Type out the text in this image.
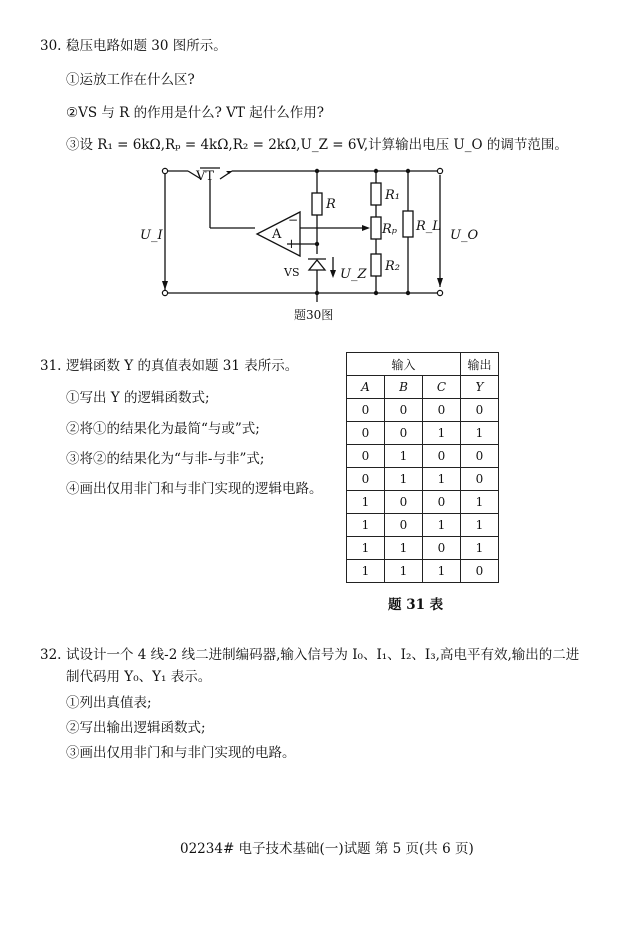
30. 稳压电路如题 30 图所示。
①运放工作在什么区?
②VS 与 R 的作用是什么? VT 起什么作用?
③设 R₁ = 6kΩ,Rₚ = 4kΩ,R₂ = 2kΩ,U_Z = 6V,计算输出电压 U_O 的调节范围。
VT
R
R₁
Rₚ
R₂
R_L
U_I	U_O
A
VS	U_Z
−
+
题30图
31. 逻辑函数 Y 的真值表如题 31 表所示。
①写出 Y 的逻辑函数式;
②将①的结果化为最简“与或”式;
③将②的结果化为“与非-与非”式;
④画出仅用非门和与非门实现的逻辑电路。
输入			输出
A	B	C	Y
0	0	0	0
0	0	1	1
0	1	0	0
0	1	1	0
1	0	0	1
1	0	1	1
1	1	0	1
1	1	1	0
题 31 表
32. 试设计一个 4 线-2 线二进制编码器,输入信号为 I₀、I₁、I₂、I₃,高电平有效,输出的二进
制代码用 Y₀、Y₁ 表示。
①列出真值表;
②写出输出逻辑函数式;
③画出仅用非门和与非门实现的电路。
02234# 电子技术基础(一)试题 第 5 页(共 6 页)
